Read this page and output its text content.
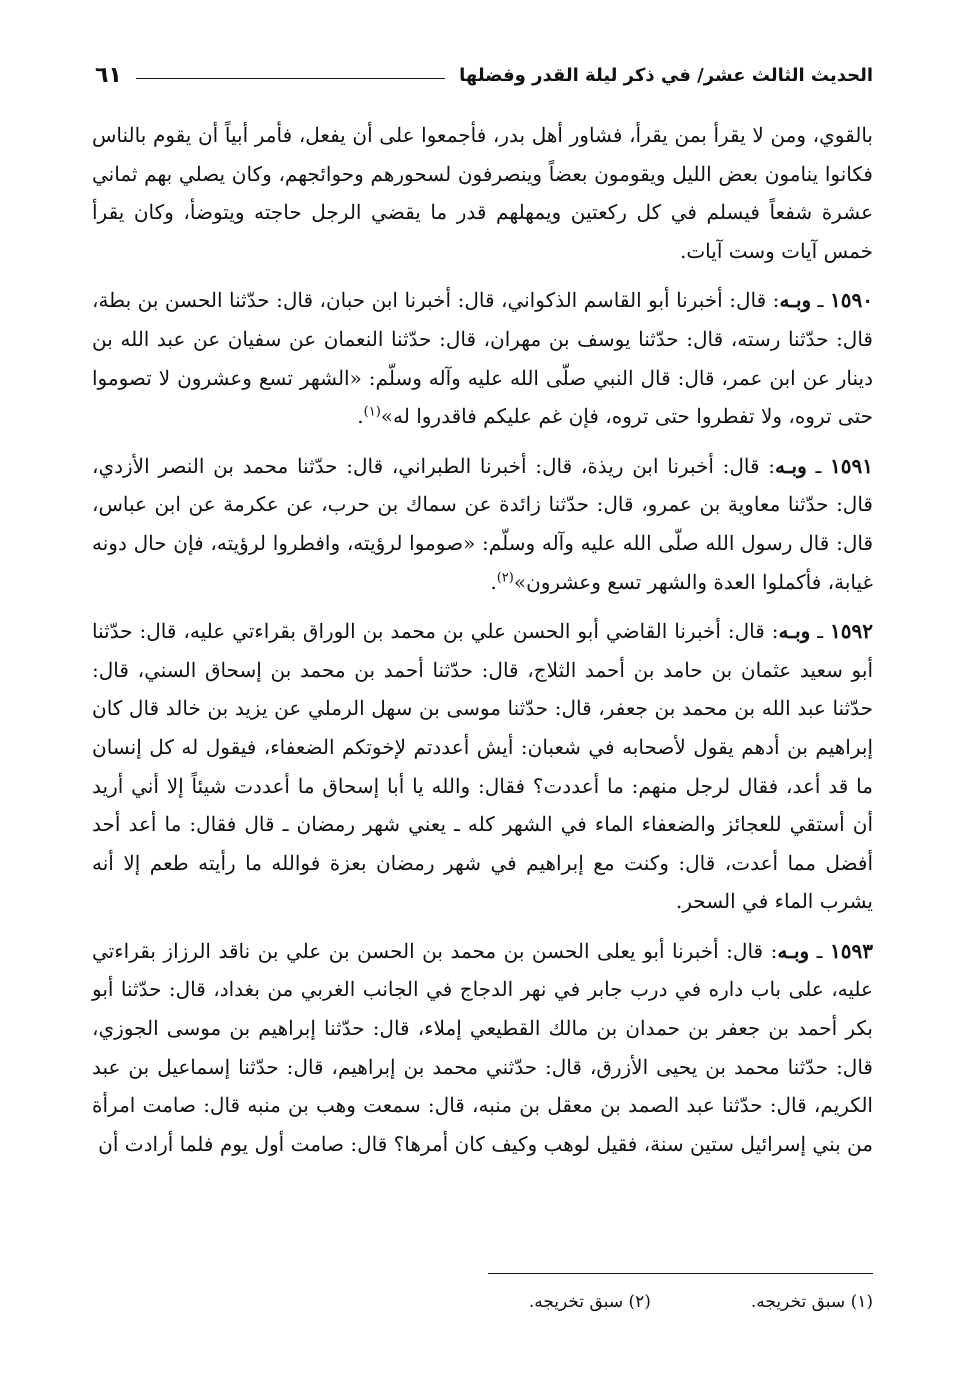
الحديث الثالث عشر/ في ذكر ليلة القدر وفضلها
٦١

بالقوي، ومن لا يقرأ بمن يقرأ، فشاور أهل بدر، فأجمعوا على أن يفعل، فأمر أبياً أن يقوم بالناس فكانوا ينامون بعض الليل ويقومون بعضاً وينصرفون لسحورهم وحوائجهم، وكان يصلي بهم ثماني عشرة شفعاً فيسلم في كل ركعتين ويمهلهم قدر ما يقضي الرجل حاجته ويتوضأ، وكان يقرأ خمس آيات وست آيات.

١٥٩٠ ـ وبـه: قال: أخبرنا أبو القاسم الذكواني، قال: أخبرنا ابن حبان، قال: حدّثنا الحسن بن بطة، قال: حدّثنا رسته، قال: حدّثنا يوسف بن مهران، قال: حدّثنا النعمان عن سفيان عن عبد الله بن دينار عن ابن عمر، قال: قال النبي صلّى الله عليه وآله وسلّم: «الشهر تسع وعشرون لا تصوموا حتى تروه، ولا تفطروا حتى تروه، فإن غم عليكم فاقدروا له»$^{(١)}$.

١٥٩١ ـ وبـه: قال: أخبرنا ابن ريذة، قال: أخبرنا الطبراني، قال: حدّثنا محمد بن النصر الأزدي، قال: حدّثنا معاوية بن عمرو، قال: حدّثنا زائدة عن سماك بن حرب، عن عكرمة عن ابن عباس، قال: قال رسول الله صلّى الله عليه وآله وسلّم: «صوموا لرؤيته، وافطروا لرؤيته، فإن حال دونه غيابة، فأكملوا العدة والشهر تسع وعشرون»$^{(٢)}$.

١٥٩٢ ـ وبـه: قال: أخبرنا القاضي أبو الحسن علي بن محمد بن الوراق بقراءتي عليه، قال: حدّثنا أبو سعيد عثمان بن حامد بن أحمد الثلاج، قال: حدّثنا أحمد بن محمد بن إسحاق السني، قال: حدّثنا عبد الله بن محمد بن جعفر، قال: حدّثنا موسى بن سهل الرملي عن يزيد بن خالد قال كان إبراهيم بن أدهم يقول لأصحابه في شعبان: أيش أعددتم لإخوتكم الضعفاء، فيقول له كل إنسان ما قد أعد، فقال لرجل منهم: ما أعددت؟ فقال: والله يا أبا إسحاق ما أعددت شيئاً إلا أني أريد أن أستقي للعجائز والضعفاء الماء في الشهر كله ـ يعني شهر رمضان ـ قال فقال: ما أعد أحد أفضل مما أعدت، قال: وكنت مع إبراهيم في شهر رمضان بعزة فوالله ما رأيته طعم إلا أنه يشرب الماء في السحر.

١٥٩٣ ـ وبـه: قال: أخبرنا أبو يعلى الحسن بن محمد بن الحسن بن علي بن ناقد الرزاز بقراءتي عليه، على باب داره في درب جابر في نهر الدجاج في الجانب الغربي من بغداد، قال: حدّثنا أبو بكر أحمد بن جعفر بن حمدان بن مالك القطيعي إملاء، قال: حدّثنا إبراهيم بن موسى الجوزي، قال: حدّثنا محمد بن يحيى الأزرق، قال: حدّثني محمد بن إبراهيم، قال: حدّثنا إسماعيل بن عبد الكريم، قال: حدّثنا عبد الصمد بن معقل بن منبه، قال: سمعت وهب بن منبه قال: صامت امرأة من بني إسرائيل ستين سنة، فقيل لوهب وكيف كان أمرها؟ قال: صامت أول يوم فلما أرادت أن

(١) سبق تخريجه.
(٢) سبق تخريجه.
